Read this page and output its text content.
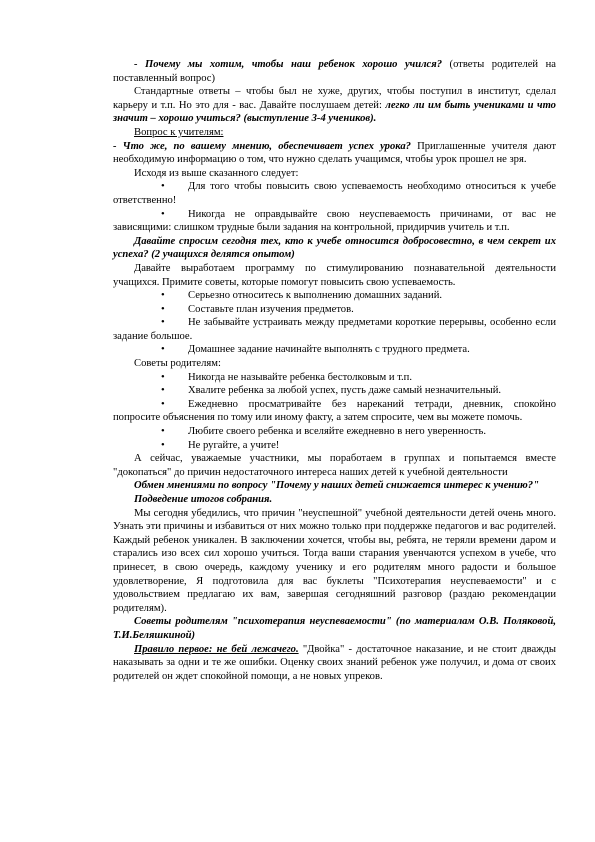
- Почему мы хотим, чтобы наш ребенок хорошо учился? (ответы родителей на поставленный вопрос)

Стандартные ответы – чтобы был не хуже, других, чтобы поступил в институт, сделал карьеру и т.п. Но это для - вас. Давайте послушаем детей: легко ли им быть учениками и что значит – хорошо учиться? (выступление 3-4 учеников).

Вопрос к учителям:

- Что же, по вашему мнению, обеспечивает успех урока? Приглашенные учителя дают необходимую информацию о том, что нужно сделать учащимся, чтобы урок прошел не зря.

Исходя из выше сказанного следует:

• Для того чтобы повысить свою успеваемость необходимо относиться к учебе ответственно!
• Никогда не оправдывайте свою неуспеваемость причинами, от вас не зависящими: слишком трудные были задания на контрольной, придирчив учитель и т.п.

Давайте спросим сегодня тех, кто к учебе относится добросовестно, в чем секрет их успеха? (2 учащихся делятся опытом)

Давайте выработаем программу по стимулированию познавательной деятельности учащихся. Примите советы, которые помогут повысить свою успеваемость.

• Серьезно относитесь к выполнению домашних заданий.
• Составьте план изучения предметов.
• Не забывайте устраивать между предметами короткие перерывы, особенно если задание большое.
• Домашнее задание начинайте выполнять с трудного предмета.

Советы родителям:

• Никогда не называйте ребенка бестолковым и т.п.
• Хвалите ребенка за любой успех, пусть даже самый незначительный.
• Ежедневно просматривайте без нареканий тетради, дневник, спокойно попросите объяснения по тому или иному факту, а затем спросите, чем вы можете помочь.
• Любите своего ребенка и вселяйте ежедневно в него уверенность.
• Не ругайте, а учите!

А сейчас, уважаемые участники, мы поработаем в группах и попытаемся вместе "докопаться" до причин недостаточного интереса наших детей к учебной деятельности

Обмен мнениями по вопросу "Почему у наших детей снижается интерес к учению?"

Подведение итогов собрания.

Мы сегодня убедились, что причин "неуспешной" учебной деятельности детей очень много. Узнать эти причины и избавиться от них можно только при поддержке педагогов и вас родителей. Каждый ребенок уникален. В заключении хочется, чтобы вы, ребята, не теряли времени даром и старались изо всех сил хорошо учиться. Тогда ваши старания увенчаются успехом в учебе, что принесет, в свою очередь, каждому ученику и его родителям много радости и большое удовлетворение, Я подготовила для вас буклеты "Психотерапия неуспеваемости" и с удовольствием предлагаю их вам, завершая сегодняшний разговор (раздаю рекомендации родителям).

Советы родителям "психотерапия неуспеваемости" (по материалам О.В. Поляковой, Т.И.Беляшкиной)

Правило первое: не бей лежачего. "Двойка" - достаточное наказание, и не стоит дважды наказывать за одни и те же ошибки. Оценку своих знаний ребенок уже получил, и дома от своих родителей он ждет спокойной помощи, а не новых упреков.
